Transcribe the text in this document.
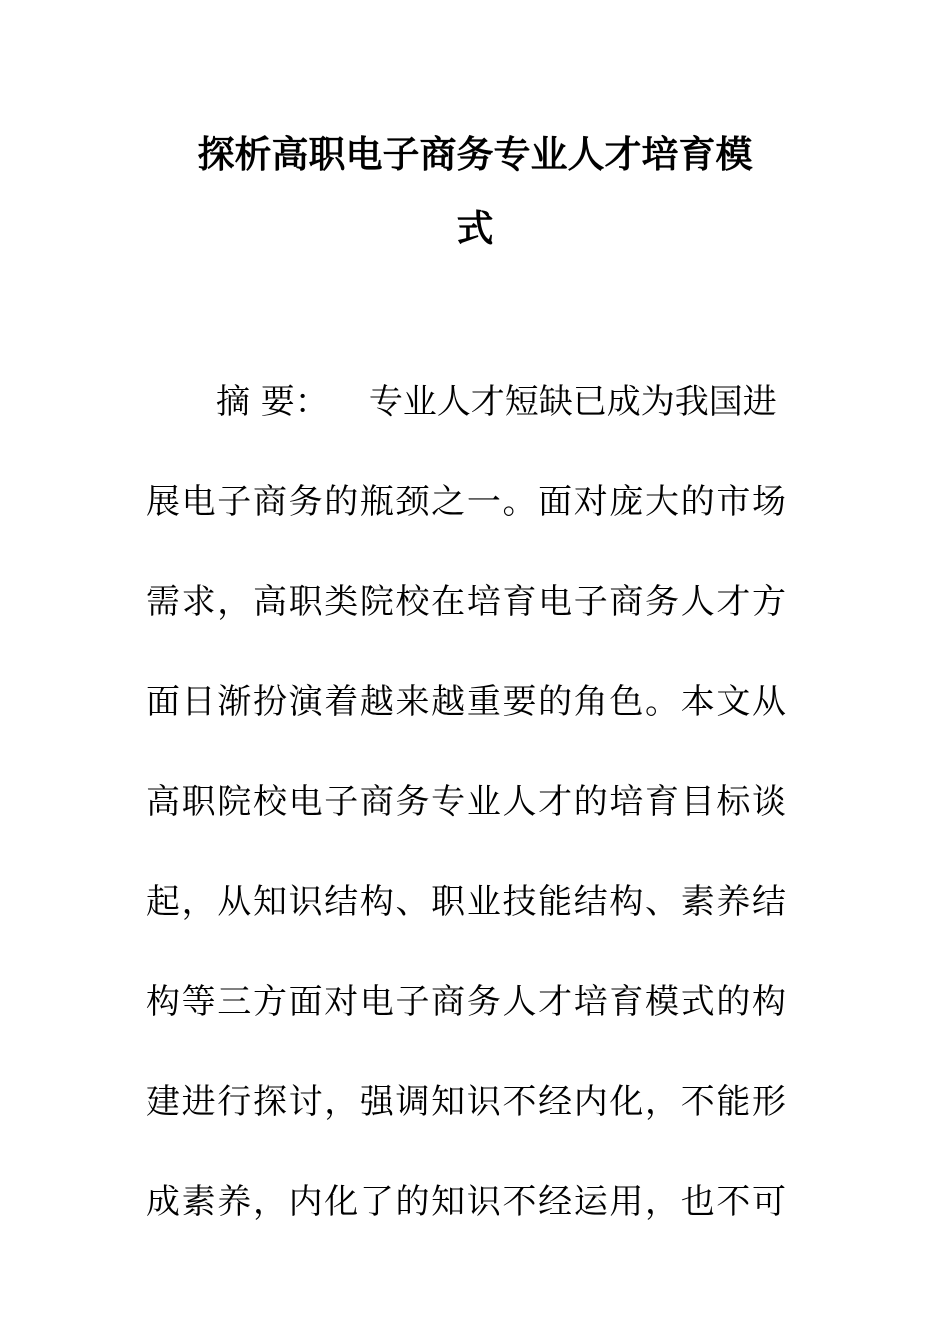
探析高职电子商务专业人才培育模
式
摘 要： 专业人才短缺已成为我国进
展电子商务的瓶颈之一。面对庞大的市场
需求，高职类院校在培育电子商务人才方
面日渐扮演着越来越重要的角色。本文从
高职院校电子商务专业人才的培育目标谈
起，从知识结构、职业技能结构、素养结
构等三方面对电子商务人才培育模式的构
建进行探讨，强调知识不经内化，不能形
成素养，内化了的知识不经运用，也不可
